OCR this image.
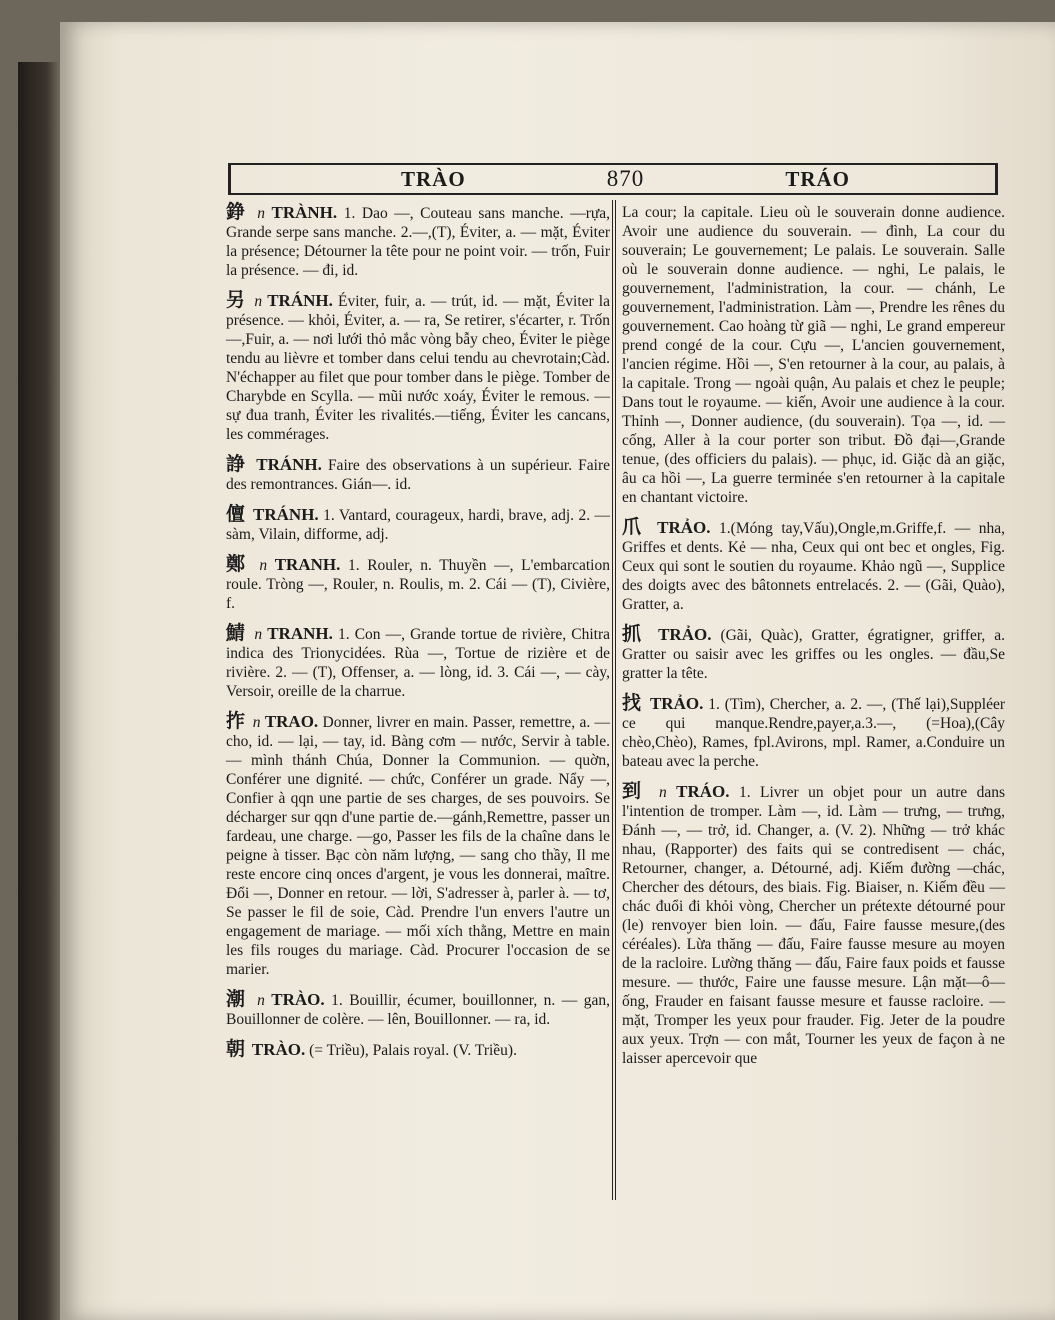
TRÀO	870	TRÁO

錚 n TRÀNH. 1. Dao —, Couteau sans manche. —rựa, Grande serpe sans manche. 2.—,(T), Éviter, a. — mặt, Éviter la présence; Détourner la tête pour ne point voir. — trốn, Fuir la présence. — đi, id.

另 n TRÁNH. Éviter, fuir, a. — trút, id. — mặt, Éviter la présence. — khỏi, Éviter, a. — ra, Se retirer, s'écarter, r. Trốn —,Fuir, a. — nơi lưới thỏ mắc vòng bẫy cheo, Éviter le piège tendu au lièvre et tomber dans celui tendu au chevrotain;Càd. N'échapper au filet que pour tomber dans le piège. Tomber de Charybde en Scylla. — mũi nước xoáy, Éviter le remous. — sự đua tranh, Éviter les rivalités.—tiếng, Éviter les cancans, les commérages.

諍 TRÁNH. Faire des observations à un supérieur. Faire des remontrances. Gián—. id.

儃 TRÁNH. 1. Vantard, courageux, hardi, brave, adj. 2. — sàm, Vilain, difforme, adj.

鄭 n TRANH. 1. Rouler, n. Thuyền —, L'embarcation roule. Tròng —, Rouler, n. Roulis, m. 2. Cái — (T), Civière, f.

鯖 n TRANH. 1. Con —, Grande tortue de rivière, Chitra indica des Trionycidées. Rùa —, Tortue de rizière et de rivière. 2. — (T), Offenser, a. — lòng, id. 3. Cái —, — cày, Versoir, oreille de la charrue.

拃 n TRAO. Donner, livrer en main. Passer, remettre, a. — cho, id. — lại, — tay, id. Bàng cơm — nước, Servir à table. — mình thánh Chúa, Donner la Communion. — quờn, Conférer une dignité. — chức, Conférer un grade. Nẩy —, Confier à qqn une partie de ses charges, de ses pouvoirs. Se décharger sur qqn d'une partie de.—gánh,Remettre, passer un fardeau, une charge. —go, Passer les fils de la chaîne dans le peigne à tisser. Bạc còn năm lượng, — sang cho thầy, Il me reste encore cinq onces d'argent, je vous les donnerai, maître. Đổi —, Donner en retour. — lời, S'adresser à, parler à. — tơ, Se passer le fil de soie, Càd. Prendre l'un envers l'autre un engagement de mariage. — mối xích thằng, Mettre en main les fils rouges du mariage. Càd. Procurer l'occasion de se marier.

潮 n TRÀO. 1. Bouillir, écumer, bouillonner, n. — gan, Bouillonner de colère. — lên, Bouillonner. — ra, id.

朝 TRÀO. (= Triều), Palais royal. (V. Triều).

La cour; la capitale. Lieu où le souverain donne audience. Avoir une audience du souverain. — đình, La cour du souverain; Le gouvernement; Le palais. Le souverain. Salle où le souverain donne audience. — nghi, Le palais, le gouvernement, l'administration, la cour. — chánh, Le gouvernement, l'administration. Làm —, Prendre les rênes du gouvernement. Cao hoàng từ giã — nghi, Le grand empereur prend congé de la cour. Cựu —, L'ancien gouvernement, l'ancien régime. Hồi —, S'en retourner à la cour, au palais, à la capitale. Trong — ngoài quận, Au palais et chez le peuple; Dans tout le royaume. — kiến, Avoir une audience à la cour. Thỉnh —, Donner audience, (du souverain). Tọa —, id. — cống, Aller à la cour porter son tribut. Đồ đại—,Grande tenue, (des officiers du palais). — phục, id. Giặc dà an giặc, âu ca hồi —, La guerre terminée s'en retourner à la capitale en chantant victoire.

爪 TRẢO. 1.(Móng tay,Vấu),Ongle,m.Griffe,f. — nha, Griffes et dents. Kẻ — nha, Ceux qui ont bec et ongles, Fig. Ceux qui sont le soutien du royaume. Khảo ngũ —, Supplice des doigts avec des bâtonnets entrelacés. 2. — (Gãi, Quào), Gratter, a.

抓 TRẢO. (Gãi, Quàc), Gratter, égratigner, griffer, a. Gratter ou saisir avec les griffes ou les ongles. — đầu,Se gratter la tête.

找 TRẢO. 1. (Tìm), Chercher, a. 2. —, (Thế lại),Suppléer ce qui manque.Rendre,payer,a.3.—, (=Hoa),(Cây chèo,Chèo), Rames, fpl.Avirons, mpl. Ramer, a.Conduire un bateau avec la perche.

到 n TRÁO. 1. Livrer un objet pour un autre dans l'intention de tromper. Làm —, id. Làm — trưng, — trưng, Đánh —, — trở, id. Changer, a. (V. 2). Những — trở khác nhau, (Rapporter) des faits qui se contredisent — chác, Retourner, changer, a. Détourné, adj. Kiếm đường —chác, Chercher des détours, des biais. Fig. Biaiser, n. Kiếm đều — chác đuổi đi khỏi vòng, Chercher un prétexte détourné pour (le) renvoyer bien loin. — đấu, Faire fausse mesure,(des céréales). Lừa thăng — đấu, Faire fausse mesure au moyen de la racloire. Lường thăng — đấu, Faire faux poids et fausse mesure. — thước, Faire une fausse mesure. Lận mặt—ô—ống, Frauder en faisant fausse mesure et fausse racloire. — mặt, Tromper les yeux pour frauder. Fig. Jeter de la poudre aux yeux. Trợn — con mắt, Tourner les yeux de façon à ne laisser apercevoir que
